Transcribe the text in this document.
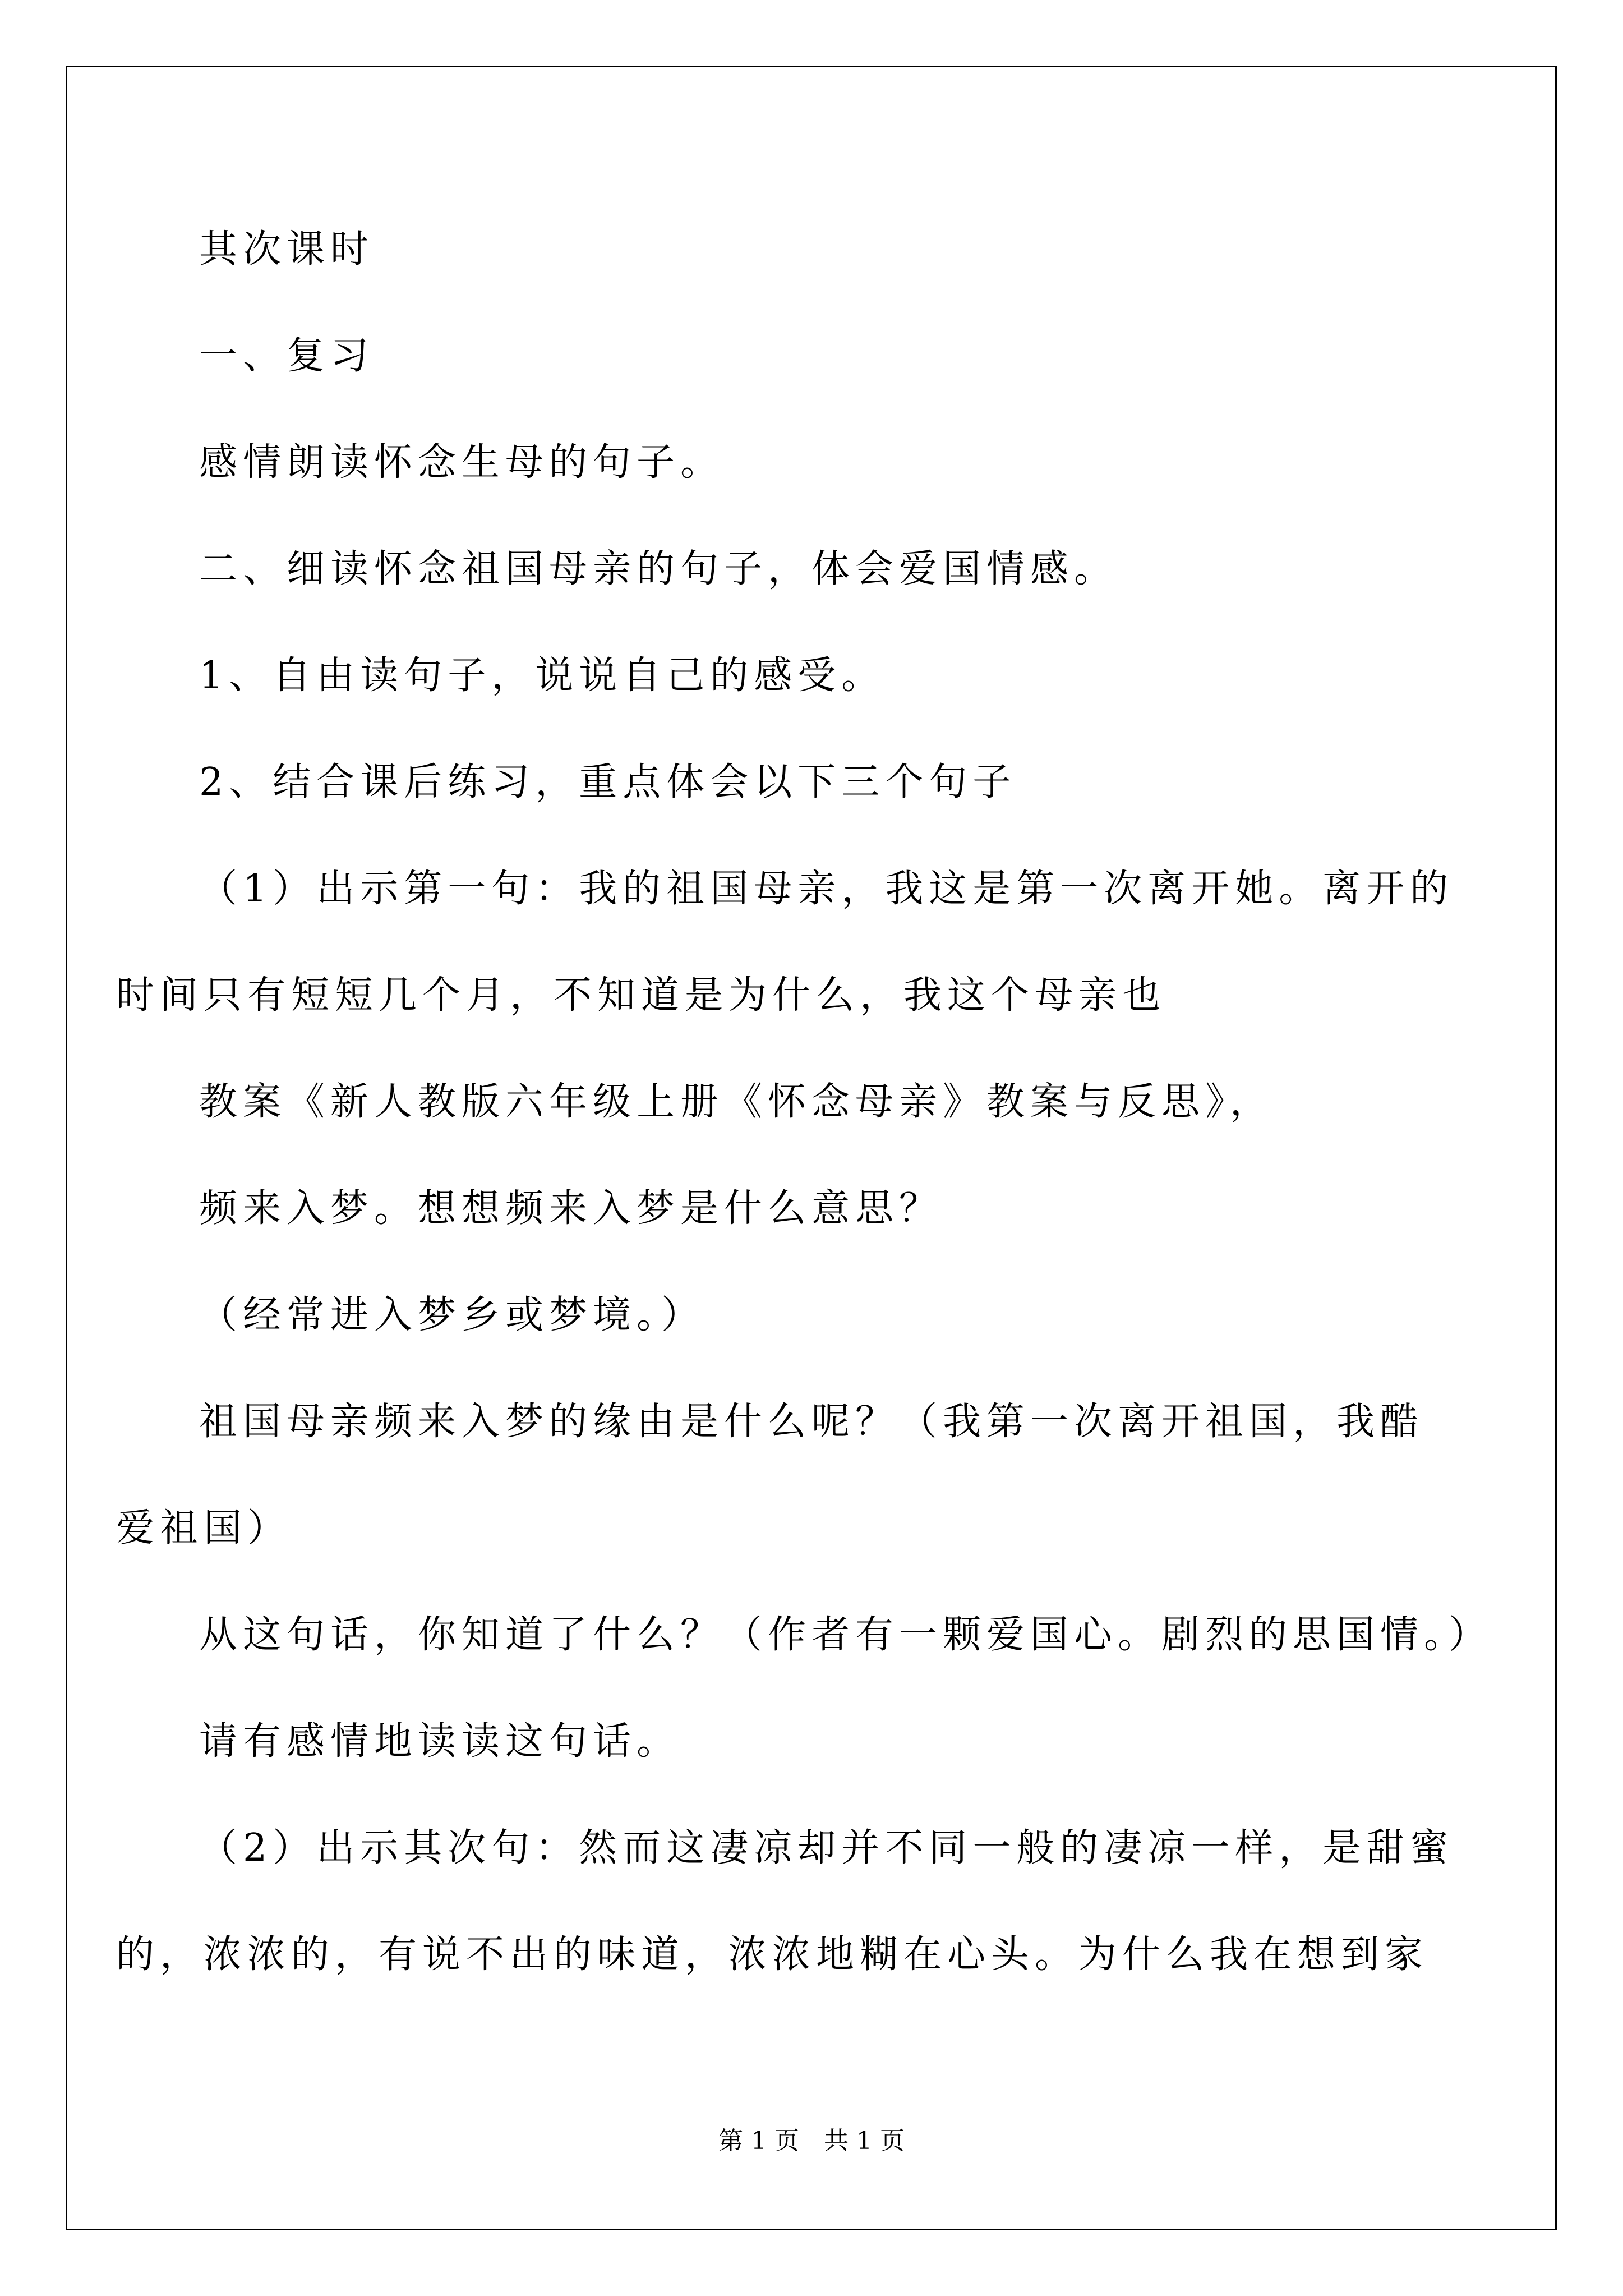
其次课时
一、复习
感情朗读怀念生母的句子。
二、细读怀念祖国母亲的句子，体会爱国情感。
1、自由读句子，说说自己的感受。
2、结合课后练习，重点体会以下三个句子
（1）出示第一句：我的祖国母亲，我这是第一次离开她。离开的
时间只有短短几个月，不知道是为什么，我这个母亲也
教案《新人教版六年级上册《怀念母亲》教案与反思》，
频来入梦。想想频来入梦是什么意思？
（经常进入梦乡或梦境。）
祖国母亲频来入梦的缘由是什么呢？（我第一次离开祖国，我酷
爱祖国）
从这句话，你知道了什么？（作者有一颗爱国心。剧烈的思国情。）
请有感情地读读这句话。
（2）出示其次句：然而这凄凉却并不同一般的凄凉一样，是甜蜜
的，浓浓的，有说不出的味道，浓浓地糊在心头。为什么我在想到家
第 1 页　共 1 页
